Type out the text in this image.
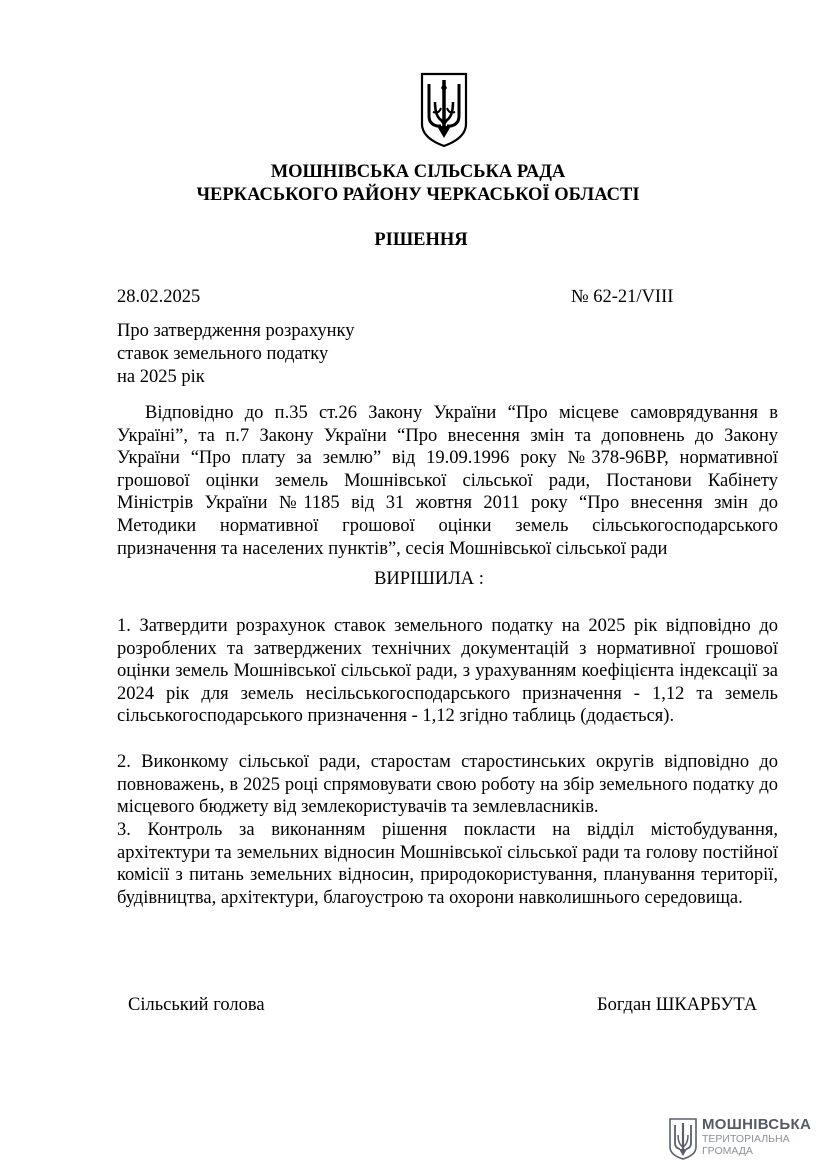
МОШНІВСЬКА СІЛЬСЬКА РАДА
ЧЕРКАСЬКОГО РАЙОНУ ЧЕРКАСЬКОЇ ОБЛАСТІ
РІШЕННЯ
28.02.2025	№ 62-21/VIII
Про затвердження розрахунку
ставок земельного податку
на 2025 рік
Відповідно до п.35 ст.26 Закону України “Про місцеве самоврядування в Україні”, та п.7 Закону України “Про внесення змін та доповнень до Закону України “Про плату за землю” від 19.09.1996 року №378-96ВР, нормативної грошової оцінки земель Мошнівської сільської ради, Постанови Кабінету Міністрів України №1185 від 31 жовтня 2011 року “Про внесення змін до Методики нормативної грошової оцінки земель сільськогосподарського призначення та населених пунктів”, сесія Мошнівської сільської ради
ВИРІШИЛА :
1. Затвердити розрахунок ставок земельного податку на 2025 рік відповідно до розроблених та затверджених технічних документацій з нормативної грошової оцінки земель Мошнівської сільської ради, з урахуванням коефіцієнта індексації за 2024 рік для земель несільськогосподарського призначення - 1,12 та земель сільськогосподарського призначення - 1,12 згідно таблиць (додається).
2. Виконкому сільської ради, старостам старостинських округів відповідно до повноважень, в 2025 році спрямовувати свою роботу на збір земельного податку до місцевого бюджету від землекористувачів та землевласників.
3. Контроль за виконанням рішення покласти на відділ містобудування, архітектури та земельних відносин Мошнівської сільської ради та голову постійної комісії з питань земельних відносин, природокористування, планування території, будівництва, архітектури, благоустрою та охорони навколишнього середовища.
Сільський голова	Богдан ШКАРБУТА
МОШНІВСЬКА
ТЕРИТОРІАЛЬНА
ГРОМАДА
